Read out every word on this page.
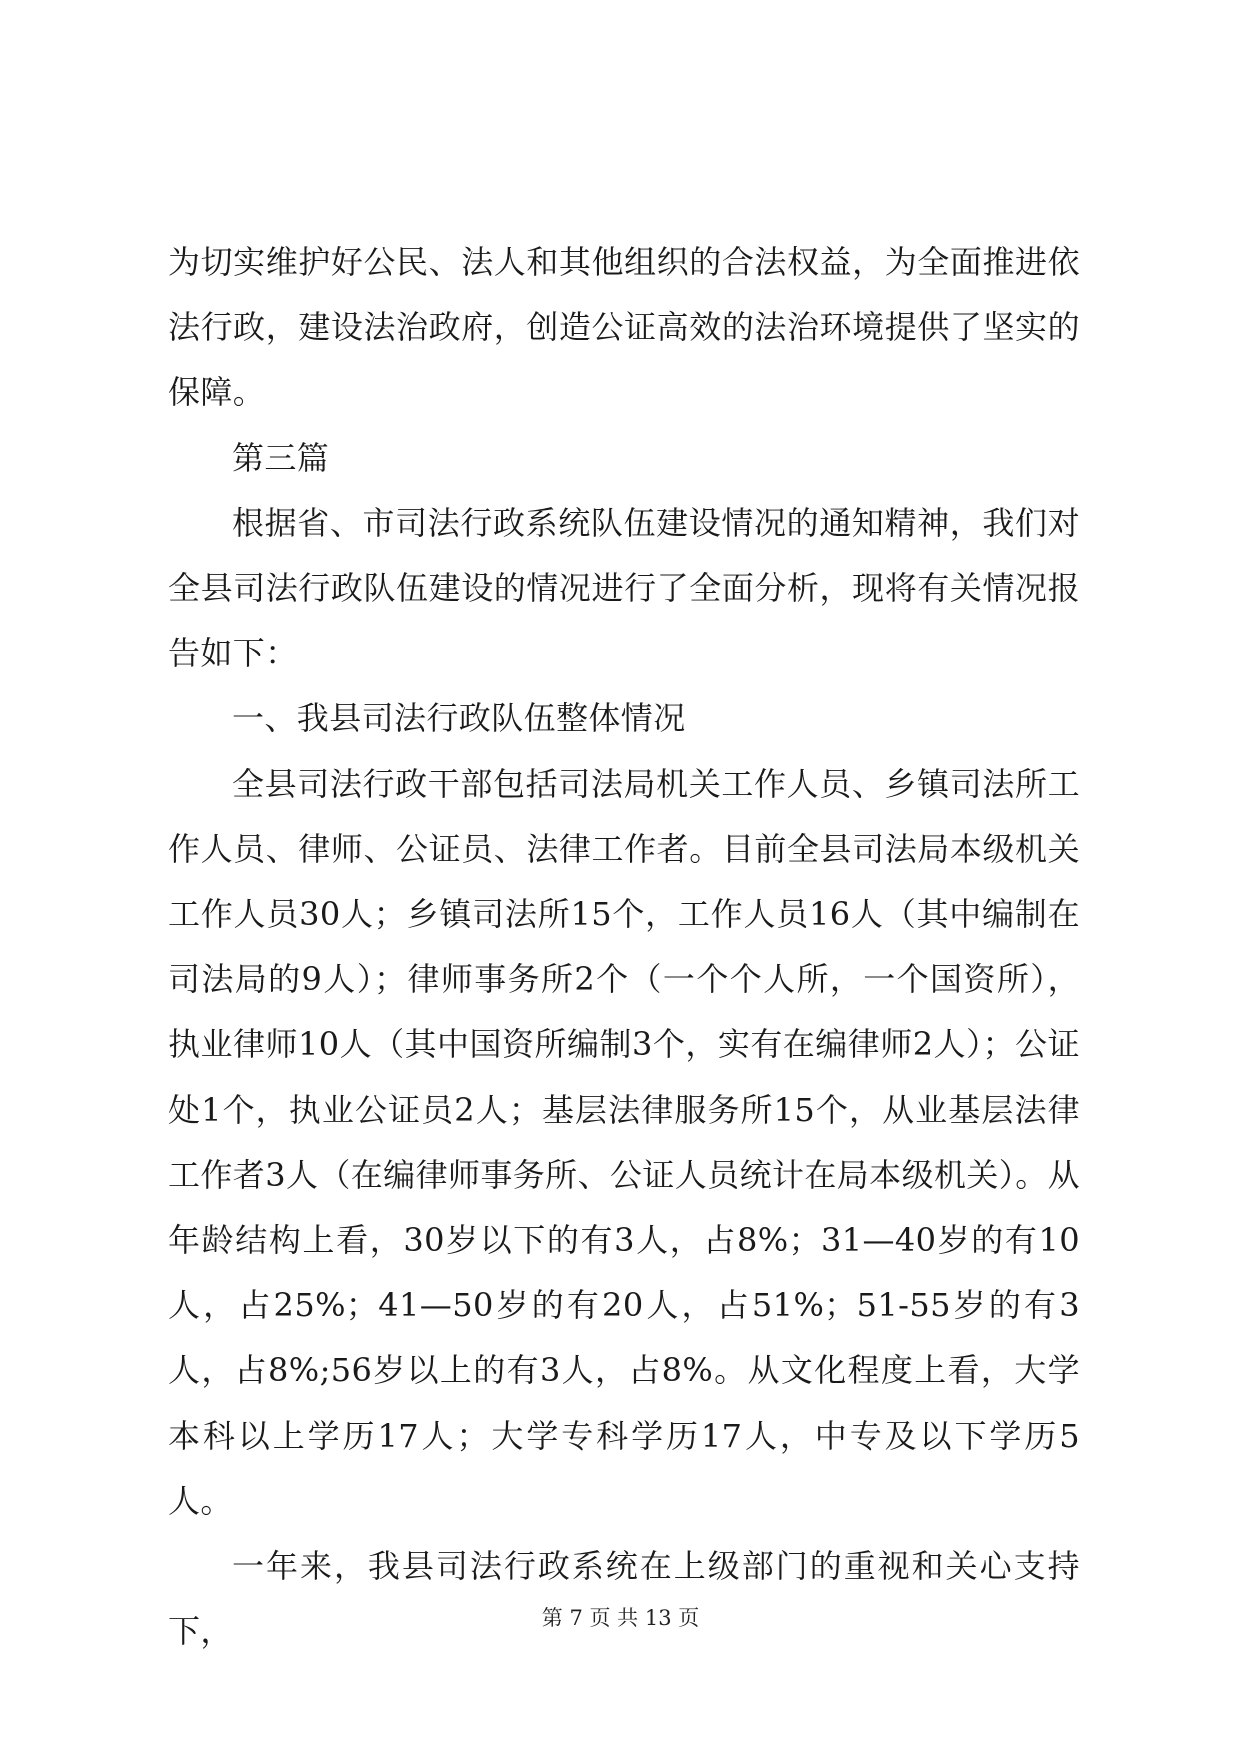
为切实维护好公民、法人和其他组织的合法权益，为全面推进依法行政，建设法治政府，创造公证高效的法治环境提供了坚实的保障。

第三篇

根据省、市司法行政系统队伍建设情况的通知精神，我们对全县司法行政队伍建设的情况进行了全面分析，现将有关情况报告如下：

一、我县司法行政队伍整体情况

全县司法行政干部包括司法局机关工作人员、乡镇司法所工作人员、律师、公证员、法律工作者。目前全县司法局本级机关工作人员30人；乡镇司法所15个，工作人员16人（其中编制在司法局的9人）；律师事务所2个（一个个人所，一个国资所），执业律师10人（其中国资所编制3个，实有在编律师2人）；公证处1个，执业公证员2人；基层法律服务所15个，从业基层法律工作者3人（在编律师事务所、公证人员统计在局本级机关）。从年龄结构上看，30岁以下的有3人，占8%；31—40岁的有10人，占25%；41—50岁的有20人，占51%；51-55岁的有3人，占8%;56岁以上的有3人，占8%。从文化程度上看，大学本科以上学历17人；大学专科学历17人，中专及以下学历5人。

一年来，我县司法行政系统在上级部门的重视和关心支持下，	第 7 页 共 13 页
